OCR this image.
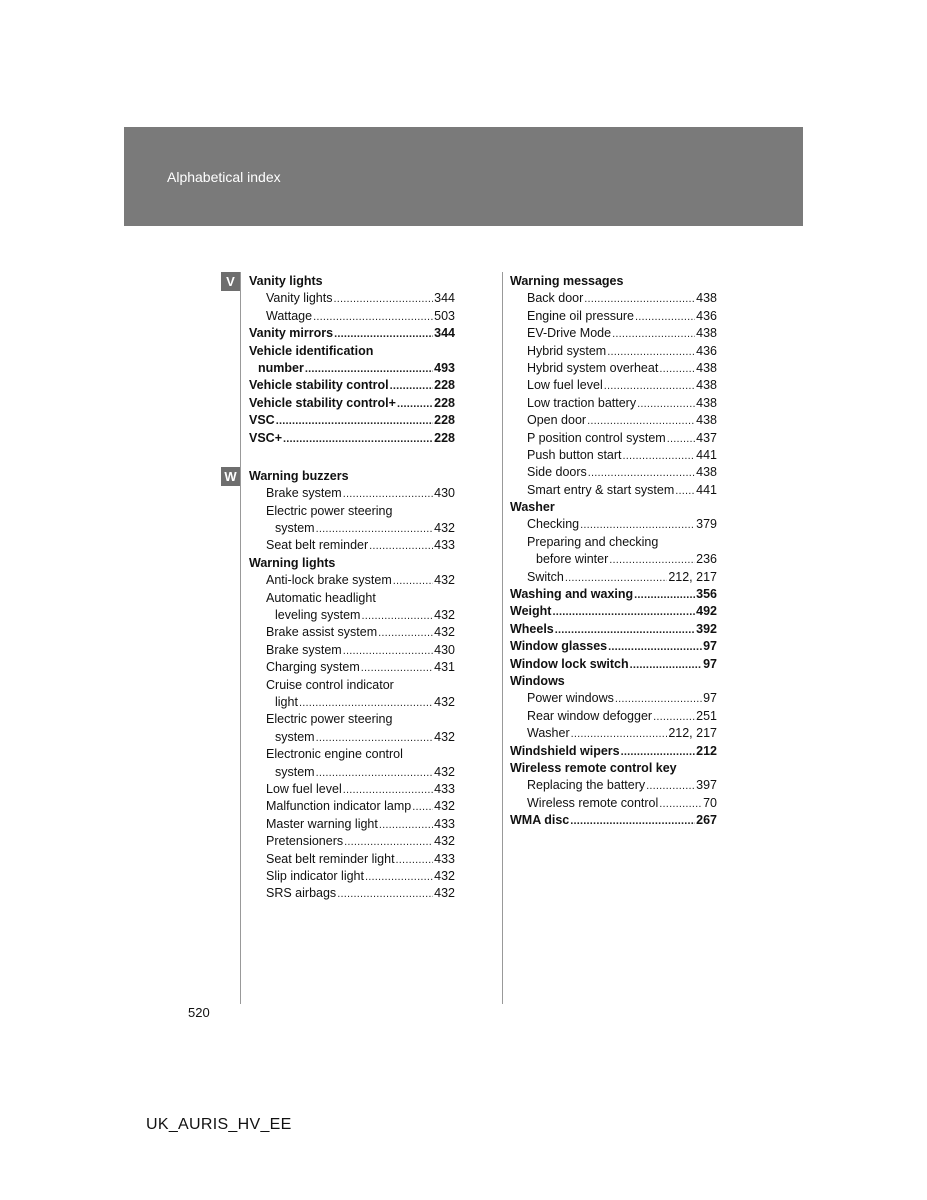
Alphabetical index
V
W
Vanity lights
Vanity lights .....	344
Wattage .....	503
Vanity mirrors .....	344
Vehicle identification
number .....	493
Vehicle stability control .....	228
Vehicle stability control+ .....	228
VSC .....	228
VSC+ .....	228
Warning buzzers
Brake system .....	430
Electric power steering
system .....	432
Seat belt reminder .....	433
Warning lights
Anti-lock brake system .....	432
Automatic headlight
leveling system .....	432
Brake assist system .....	432
Brake system .....	430
Charging system .....	431
Cruise control indicator
light .....	432
Electric power steering
system .....	432
Electronic engine control
system .....	432
Low fuel level .....	433
Malfunction indicator lamp ..... 432
Master warning light .....	433
Pretensioners .....	432
Seat belt reminder light .....	433
Slip indicator light .....	432
SRS airbags .....	432
Warning messages
Back door .....	438
Engine oil pressure .....	436
EV-Drive Mode .....	438
Hybrid system .....	436
Hybrid system overheat .....	438
Low fuel level .....	438
Low traction battery .....	438
Open door .....	438
P position control system ..... 437
Push button start .....	441
Side doors .....	438
Smart entry & start system ..... 441
Washer
Checking .....	379
Preparing and checking
before winter .....	236
Switch .....	212, 217
Washing and waxing .....	356
Weight .....	492
Wheels .....	392
Window glasses .....	97
Window lock switch .....	97
Windows
Power windows .....	97
Rear window defogger .....	251
Washer .....	212, 217
Windshield wipers .....	212
Wireless remote control key
Replacing the battery .....	397
Wireless remote control .....	70
WMA disc .....	267
520
UK_AURIS_HV_EE
